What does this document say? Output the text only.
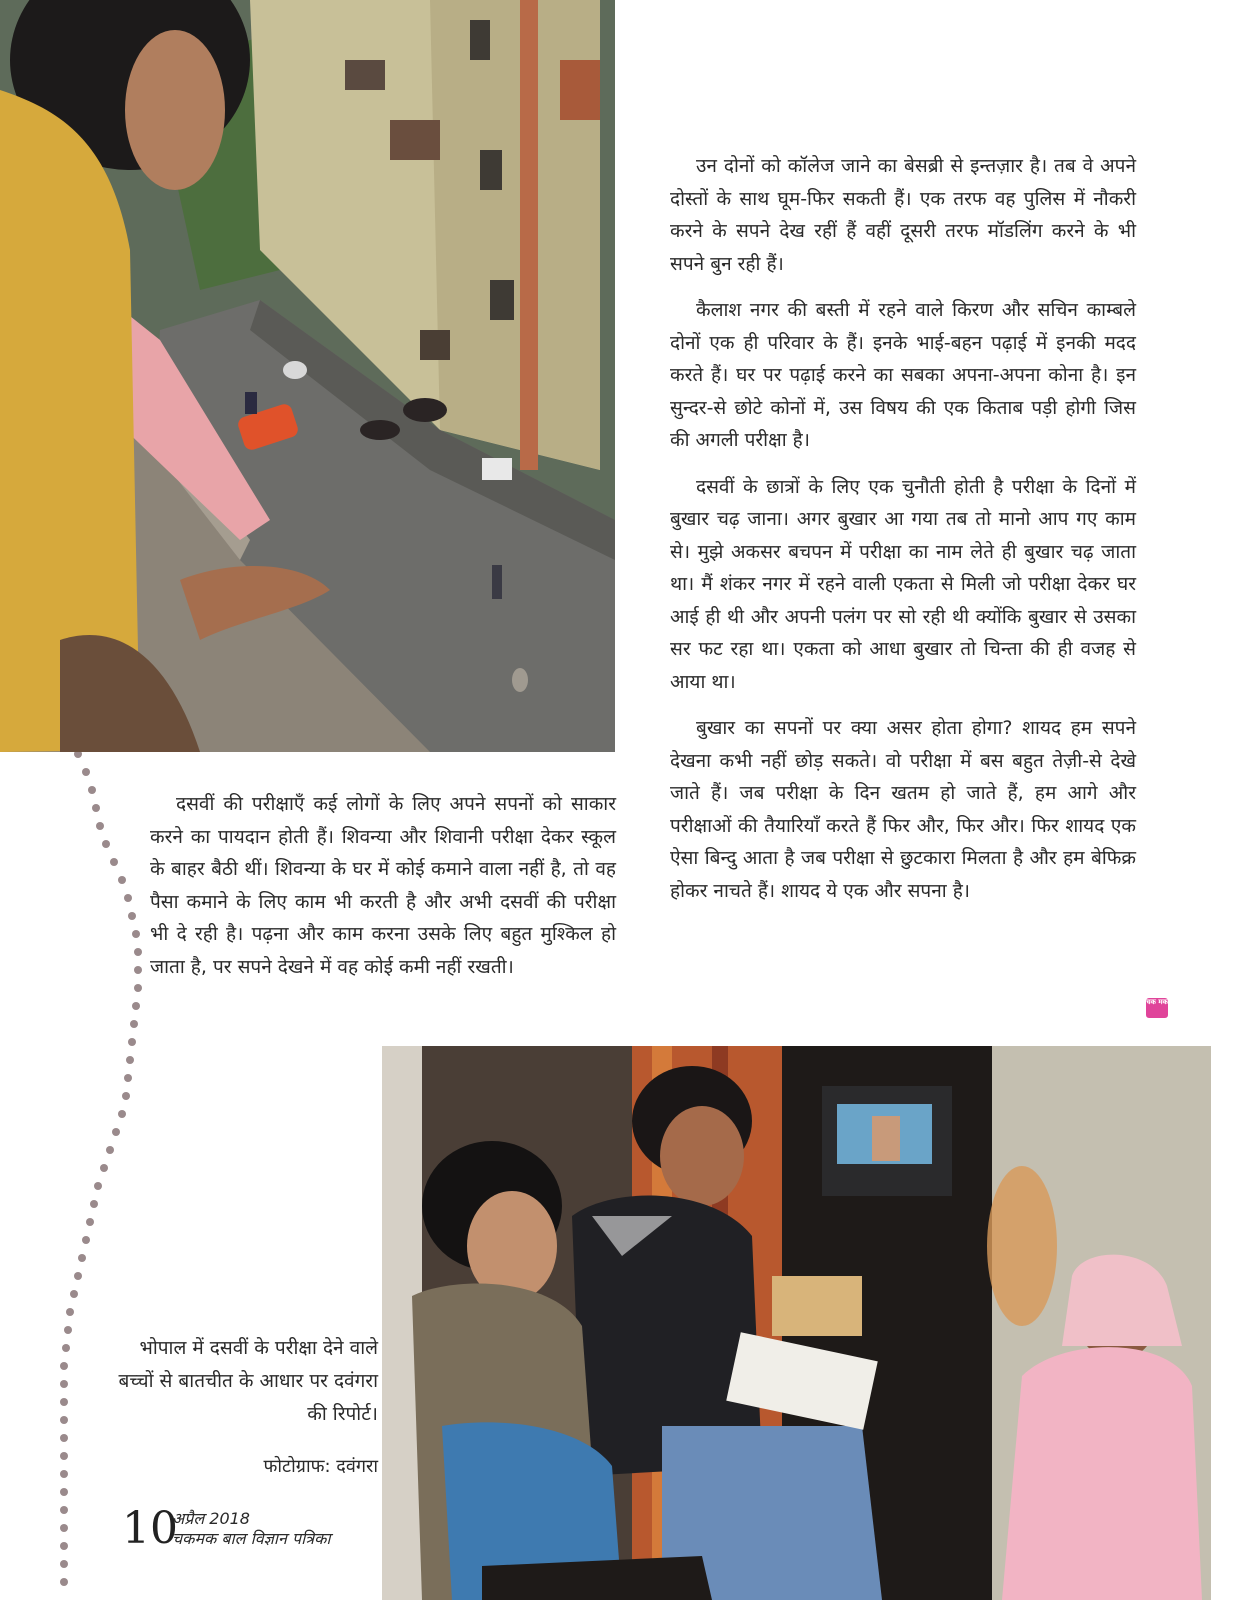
उन दोनों को कॉलेज जाने का बेसब्री से इन्तज़ार है। तब वे अपने दोस्तों के साथ घूम-फिर सकती हैं। एक तरफ वह पुलिस में नौकरी करने के सपने देख रहीं हैं वहीं दूसरी तरफ मॉडलिंग करने के भी सपने बुन रही हैं।

कैलाश नगर की बस्ती में रहने वाले किरण और सचिन काम्बले दोनों एक ही परिवार के हैं। इनके भाई-बहन पढ़ाई में इनकी मदद करते हैं। घर पर पढ़ाई करने का सबका अपना-अपना कोना है। इन सुन्दर-से छोटे कोनों में, उस विषय की एक किताब पड़ी होगी जिस की अगली परीक्षा है।

दसवीं के छात्रों के लिए एक चुनौती होती है परीक्षा के दिनों में बुखार चढ़ जाना। अगर बुखार आ गया तब तो मानो आप गए काम से। मुझे अकसर बचपन में परीक्षा का नाम लेते ही बुखार चढ़ जाता था। मैं शंकर नगर में रहने वाली एकता से मिली जो परीक्षा देकर घर आई ही थी और अपनी पलंग पर सो रही थी क्योंकि बुखार से उसका सर फट रहा था। एकता को आधा बुखार तो चिन्ता की ही वजह से आया था।

बुखार का सपनों पर क्या असर होता होगा? शायद हम सपने देखना कभी नहीं छोड़ सकते। वो परीक्षा में बस बहुत तेज़ी-से देखे जाते हैं। जब परीक्षा के दिन खतम हो जाते हैं, हम आगे और परीक्षाओं की तैयारियाँ करते हैं फिर और, फिर और। फिर शायद एक ऐसा बिन्दु आता है जब परीक्षा से छुटकारा मिलता है और हम बेफिक्र होकर नाचते हैं। शायद ये एक और सपना है।

दसवीं की परीक्षाएँ कई लोगों के लिए अपने सपनों को साकार करने का पायदान होती हैं। शिवन्या और शिवानी परीक्षा देकर स्कूल के बाहर बैठी थीं। शिवन्या के घर में कोई कमाने वाला नहीं है, तो वह पैसा कमाने के लिए काम भी करती है और अभी दसवीं की परीक्षा भी दे रही है। पढ़ना और काम करना उसके लिए बहुत मुश्किल हो जाता है, पर सपने देखने में वह कोई कमी नहीं रखती।

चक मक
भोपाल में दसवीं के परीक्षा देने वाले बच्चों से बातचीत के आधार पर दवंगरा की रिपोर्ट।
फोटोग्राफ: दवंगरा
10
अप्रैल 2018
चकमक बाल विज्ञान पत्रिका
